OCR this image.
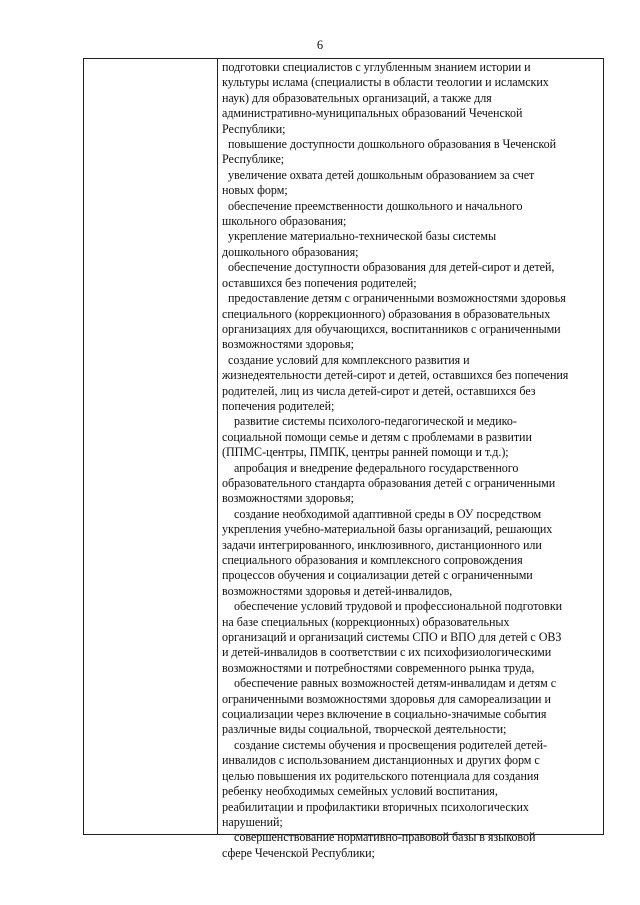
6
подготовки специалистов с углубленным знанием истории и
культуры ислама (специалисты в области теологии и исламских
наук) для образовательных организаций, а также для
административно-муниципальных образований Чеченской
Республики;
повышение доступности дошкольного образования в Чеченской
Республике;
увеличение охвата детей дошкольным образованием за счет
новых форм;
обеспечение преемственности дошкольного и начального
школьного образования;
укрепление материально-технической базы системы
дошкольного образования;
обеспечение доступности образования для детей-сирот и детей,
оставшихся без попечения родителей;
предоставление детям с ограниченными возможностями здоровья
специального (коррекционного) образования в образовательных
организациях для обучающихся, воспитанников с ограниченными
возможностями здоровья;
создание условий для комплексного развития и
жизнедеятельности детей-сирот и детей, оставшихся без попечения
родителей, лиц из числа детей-сирот и детей, оставшихся без
попечения родителей;
развитие системы психолого-педагогической и медико-
социальной помощи семье и детям с проблемами в развитии
(ППМС-центры, ПМПК, центры ранней помощи и т.д.);
апробация и внедрение федерального государственного
образовательного стандарта образования детей с ограниченными
возможностями здоровья;
создание необходимой адаптивной среды в ОУ посредством
укрепления учебно-материальной базы организаций, решающих
задачи интегрированного, инклюзивного, дистанционного или
специального образования и комплексного сопровождения
процессов обучения и социализации детей с ограниченными
возможностями здоровья и детей-инвалидов,
обеспечение условий трудовой и профессиональной подготовки
на базе специальных (коррекционных) образовательных
организаций и организаций системы СПО и ВПО для детей с ОВЗ
и детей-инвалидов в соответствии с их психофизиологическими
возможностями и потребностями современного рынка труда,
обеспечение равных возможностей детям-инвалидам и детям с
ограниченными возможностями здоровья для самореализации и
социализации через включение в социально-значимые события
различные виды социальной, творческой деятельности;
создание системы обучения и просвещения родителей детей-
инвалидов с использованием дистанционных и других форм с
целью повышения их родительского потенциала для создания
ребенку необходимых семейных условий воспитания,
реабилитации и профилактики вторичных психологических
нарушений;
совершенствование нормативно-правовой базы в языковой
сфере Чеченской Республики;
